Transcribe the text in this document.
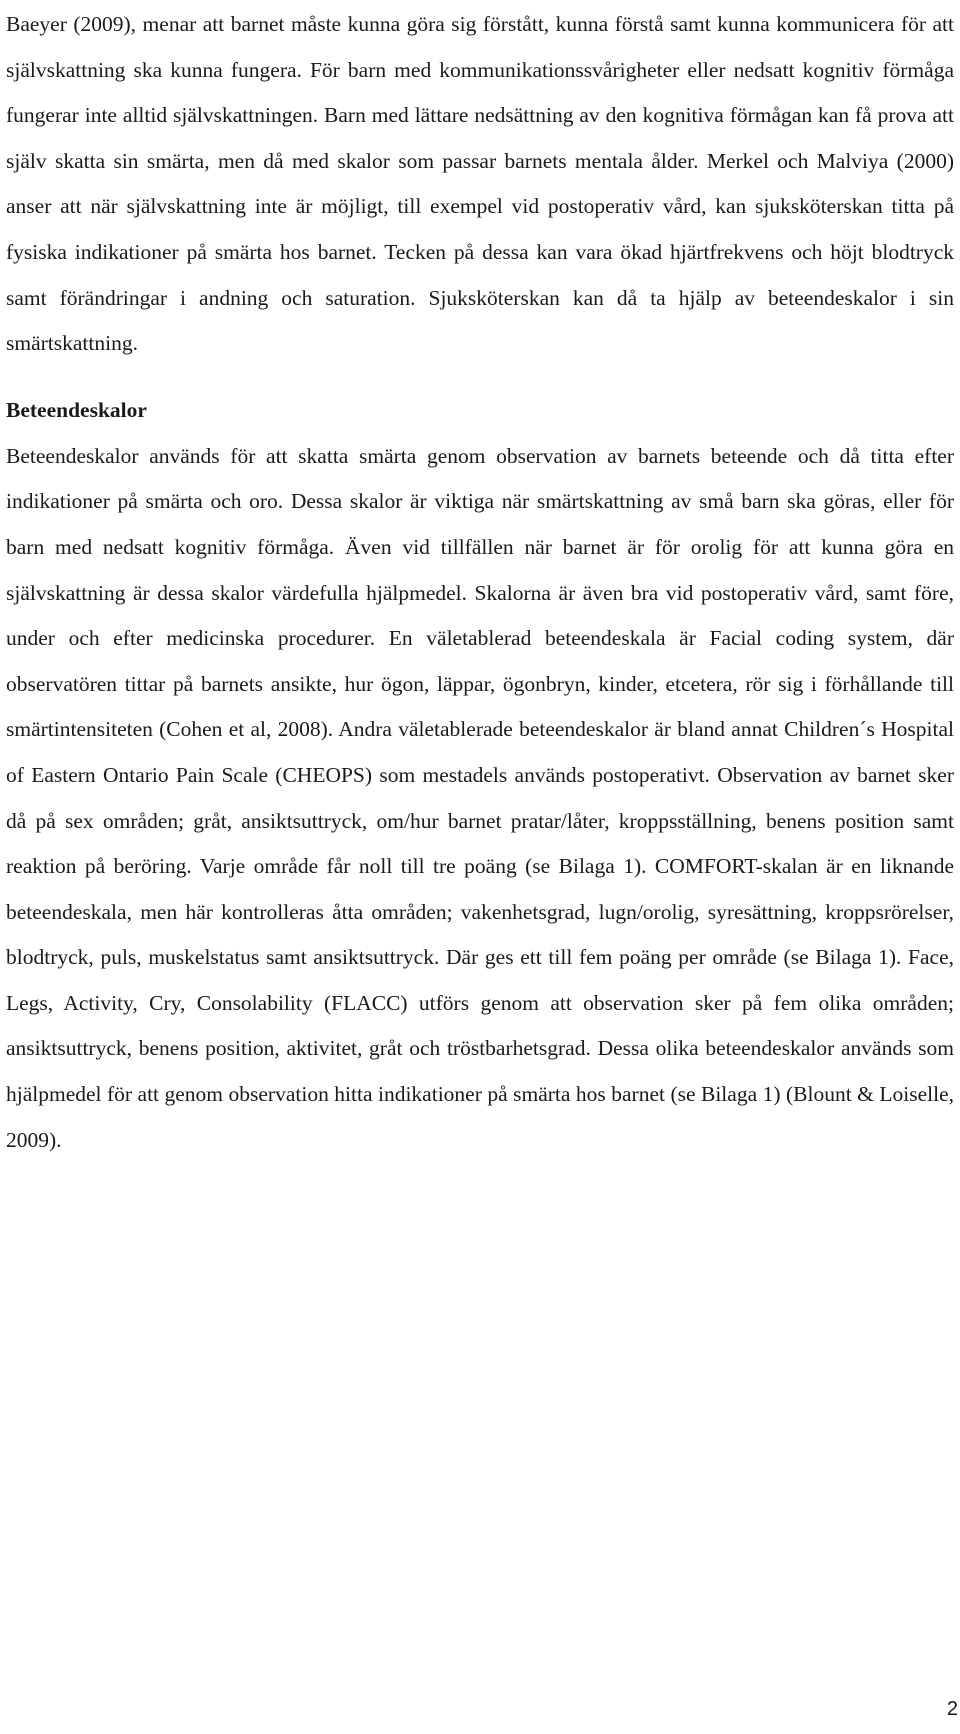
Baeyer (2009), menar att barnet måste kunna göra sig förstått, kunna förstå samt kunna kommunicera för att självskattning ska kunna fungera. För barn med kommunikationssvårigheter eller nedsatt kognitiv förmåga fungerar inte alltid självskattningen. Barn med lättare nedsättning av den kognitiva förmågan kan få prova att själv skatta sin smärta, men då med skalor som passar barnets mentala ålder. Merkel och Malviya (2000) anser att när självskattning inte är möjligt, till exempel vid postoperativ vård, kan sjuksköterskan titta på fysiska indikationer på smärta hos barnet. Tecken på dessa kan vara ökad hjärtfrekvens och höjt blodtryck samt förändringar i andning och saturation. Sjuksköterskan kan då ta hjälp av beteendeskalor i sin smärtskattning.

Beteendeskalor

Beteendeskalor används för att skatta smärta genom observation av barnets beteende och då titta efter indikationer på smärta och oro. Dessa skalor är viktiga när smärtskattning av små barn ska göras, eller för barn med nedsatt kognitiv förmåga. Även vid tillfällen när barnet är för orolig för att kunna göra en självskattning är dessa skalor värdefulla hjälpmedel. Skalorna är även bra vid postoperativ vård, samt före, under och efter medicinska procedurer. En väletablerad beteendeskala är Facial coding system, där observatören tittar på barnets ansikte, hur ögon, läppar, ögonbryn, kinder, etcetera, rör sig i förhållande till smärtintensiteten (Cohen et al, 2008). Andra väletablerade beteendeskalor är bland annat Children´s Hospital of Eastern Ontario Pain Scale (CHEOPS) som mestadels används postoperativt. Observation av barnet sker då på sex områden; gråt, ansiktsuttryck, om/hur barnet pratar/låter, kroppsställning, benens position samt reaktion på beröring. Varje område får noll till tre poäng (se Bilaga 1). COMFORT-skalan är en liknande beteendeskala, men här kontrolleras åtta områden; vakenhetsgrad, lugn/orolig, syresättning, kroppsrörelser, blodtryck, puls, muskelstatus samt ansiktsuttryck. Där ges ett till fem poäng per område (se Bilaga 1). Face, Legs, Activity, Cry, Consolability (FLACC) utförs genom att observation sker på fem olika områden; ansiktsuttryck, benens position, aktivitet, gråt och tröstbarhetsgrad. Dessa olika beteendeskalor används som hjälpmedel för att genom observation hitta indikationer på smärta hos barnet (se Bilaga 1) (Blount & Loiselle, 2009).

2
